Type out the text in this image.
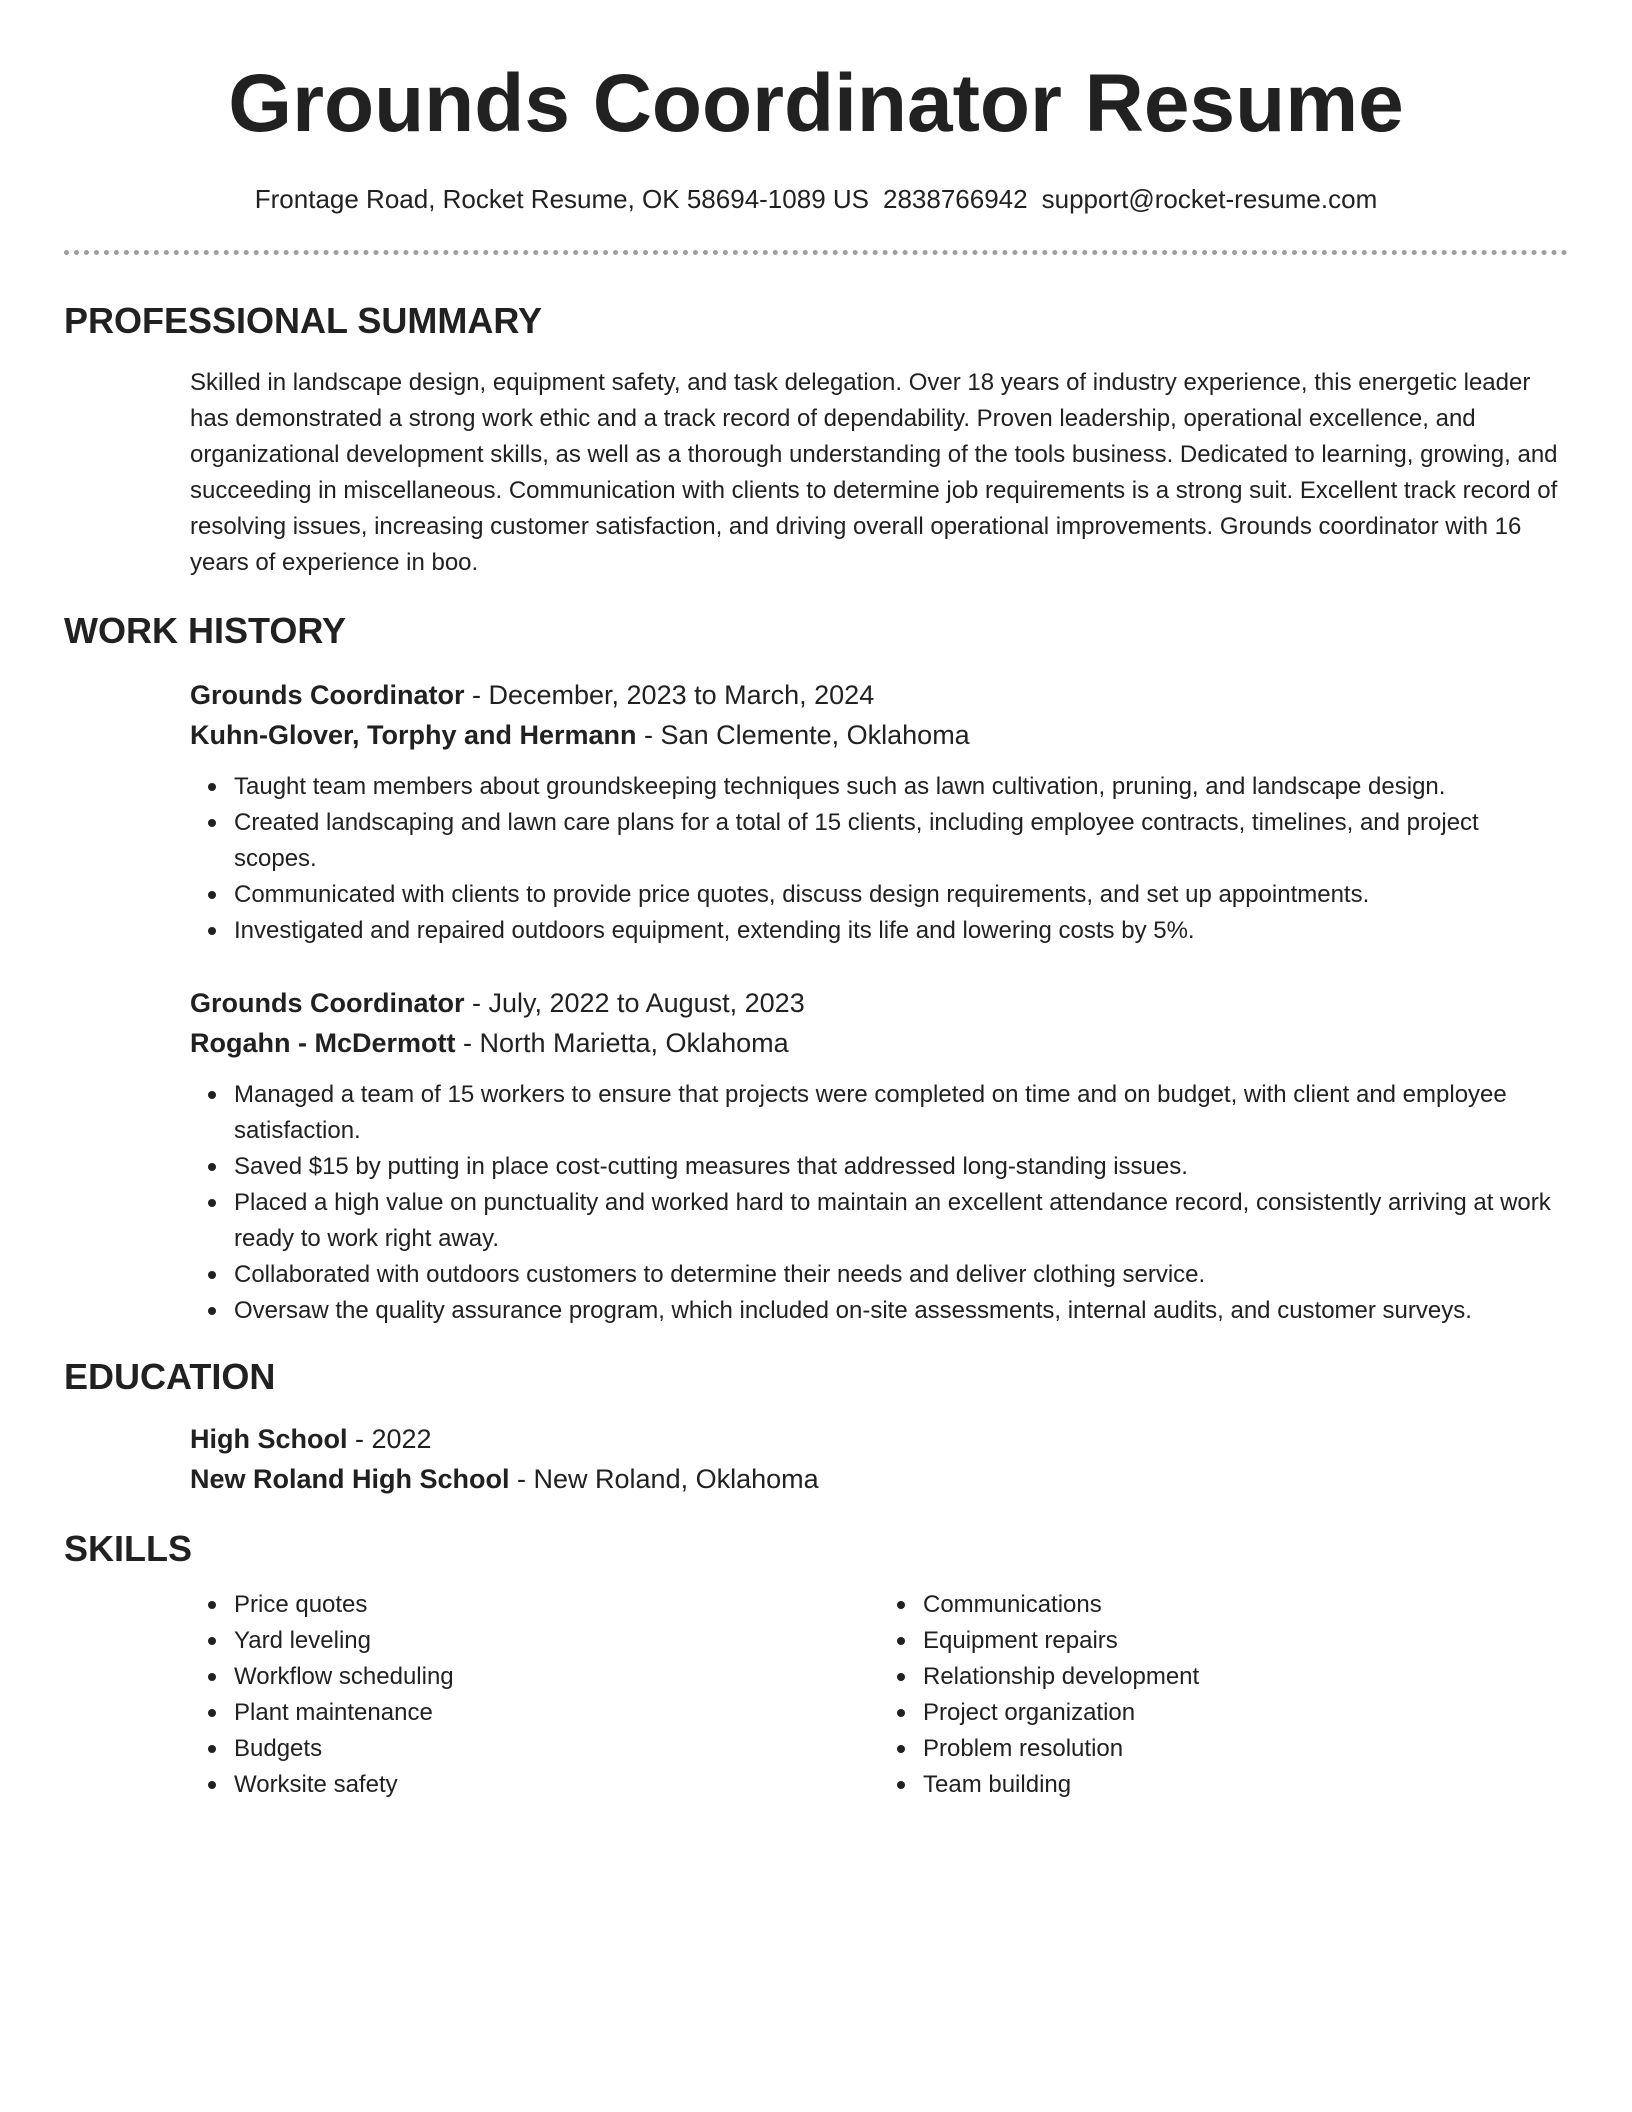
Grounds Coordinator Resume
Frontage Road, Rocket Resume, OK 58694-1089 US 2838766942 support@rocket-resume.com
PROFESSIONAL SUMMARY

Skilled in landscape design, equipment safety, and task delegation. Over 18 years of industry experience, this energetic leader has demonstrated a strong work ethic and a track record of dependability. Proven leadership, operational excellence, and organizational development skills, as well as a thorough understanding of the tools business. Dedicated to learning, growing, and succeeding in miscellaneous. Communication with clients to determine job requirements is a strong suit. Excellent track record of resolving issues, increasing customer satisfaction, and driving overall operational improvements. Grounds coordinator with 16 years of experience in boo.

WORK HISTORY
Grounds Coordinator - December, 2023 to March, 2024
Kuhn-Glover, Torphy and Hermann - San Clemente, Oklahoma
Taught team members about groundskeeping techniques such as lawn cultivation, pruning, and landscape design.
Created landscaping and lawn care plans for a total of 15 clients, including employee contracts, timelines, and project scopes.
Communicated with clients to provide price quotes, discuss design requirements, and set up appointments.
Investigated and repaired outdoors equipment, extending its life and lowering costs by 5%.
Grounds Coordinator - July, 2022 to August, 2023
Rogahn - McDermott - North Marietta, Oklahoma
Managed a team of 15 workers to ensure that projects were completed on time and on budget, with client and employee satisfaction.
Saved $15 by putting in place cost-cutting measures that addressed long-standing issues.
Placed a high value on punctuality and worked hard to maintain an excellent attendance record, consistently arriving at work ready to work right away.
Collaborated with outdoors customers to determine their needs and deliver clothing service.
Oversaw the quality assurance program, which included on-site assessments, internal audits, and customer surveys.
EDUCATION
High School - 2022
New Roland High School - New Roland, Oklahoma
SKILLS
Price quotes
Yard leveling
Workflow scheduling
Plant maintenance
Budgets
Worksite safety
Communications
Equipment repairs
Relationship development
Project organization
Problem resolution
Team building
